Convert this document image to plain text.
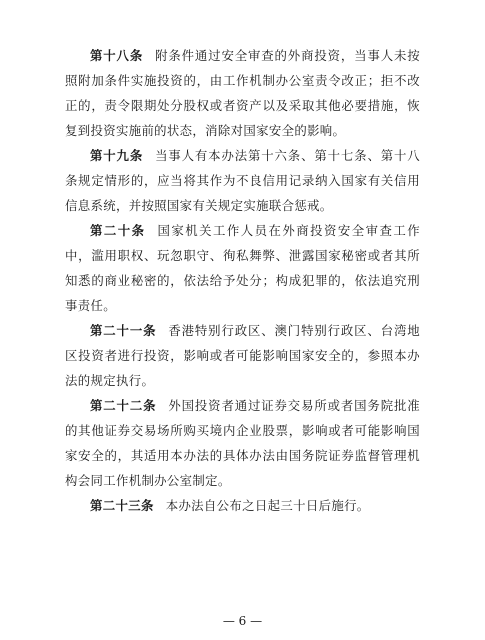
第十八条 附条件通过安全审查的外商投资，当事人未按照附加条件实施投资的，由工作机制办公室责令改正；拒不改正的，责令限期处分股权或者资产以及采取其他必要措施，恢复到投资实施前的状态，消除对国家安全的影响。

第十九条 当事人有本办法第十六条、第十七条、第十八条规定情形的，应当将其作为不良信用记录纳入国家有关信用信息系统，并按照国家有关规定实施联合惩戒。

第二十条 国家机关工作人员在外商投资安全审查工作中，滥用职权、玩忽职守、徇私舞弊、泄露国家秘密或者其所知悉的商业秘密的，依法给予处分；构成犯罪的，依法追究刑事责任。

第二十一条 香港特别行政区、澳门特别行政区、台湾地区投资者进行投资，影响或者可能影响国家安全的，参照本办法的规定执行。

第二十二条 外国投资者通过证券交易所或者国务院批准的其他证券交易场所购买境内企业股票，影响或者可能影响国家安全的，其适用本办法的具体办法由国务院证券监督管理机构会同工作机制办公室制定。

第二十三条 本办法自公布之日起三十日后施行。

— 6 —
